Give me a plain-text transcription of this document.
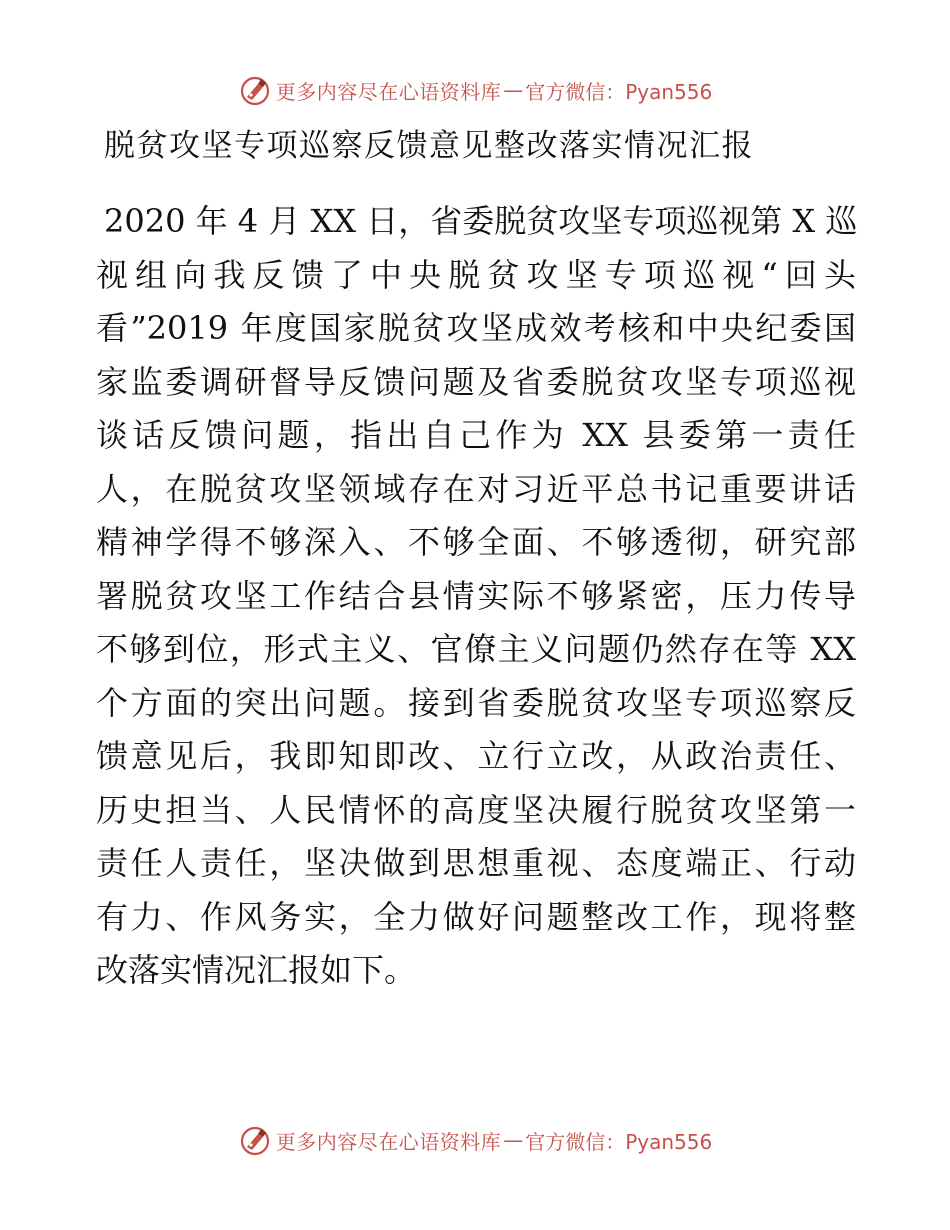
更多内容尽在心语资料库 — 官方微信：Pyan556
脱贫攻坚专项巡察反馈意见整改落实情况汇报
2020 年 4 月 XX 日，省委脱贫攻坚专项巡视第 X 巡
视组向我反馈了中央脱贫攻坚专项巡视“回头
看”2019 年度国家脱贫攻坚成效考核和中央纪委国
家监委调研督导反馈问题及省委脱贫攻坚专项巡视
谈话反馈问题，指出自己作为 XX 县委第一责任
人，在脱贫攻坚领域存在对习近平总书记重要讲话
精神学得不够深入、不够全面、不够透彻，研究部
署脱贫攻坚工作结合县情实际不够紧密，压力传导
不够到位，形式主义、官僚主义问题仍然存在等 XX
个方面的突出问题。接到省委脱贫攻坚专项巡察反
馈意见后，我即知即改、立行立改，从政治责任、
历史担当、人民情怀的高度坚决履行脱贫攻坚第一
责任人责任，坚决做到思想重视、态度端正、行动
有力、作风务实，全力做好问题整改工作，现将整
改落实情况汇报如下。
更多内容尽在心语资料库 — 官方微信：Pyan556
